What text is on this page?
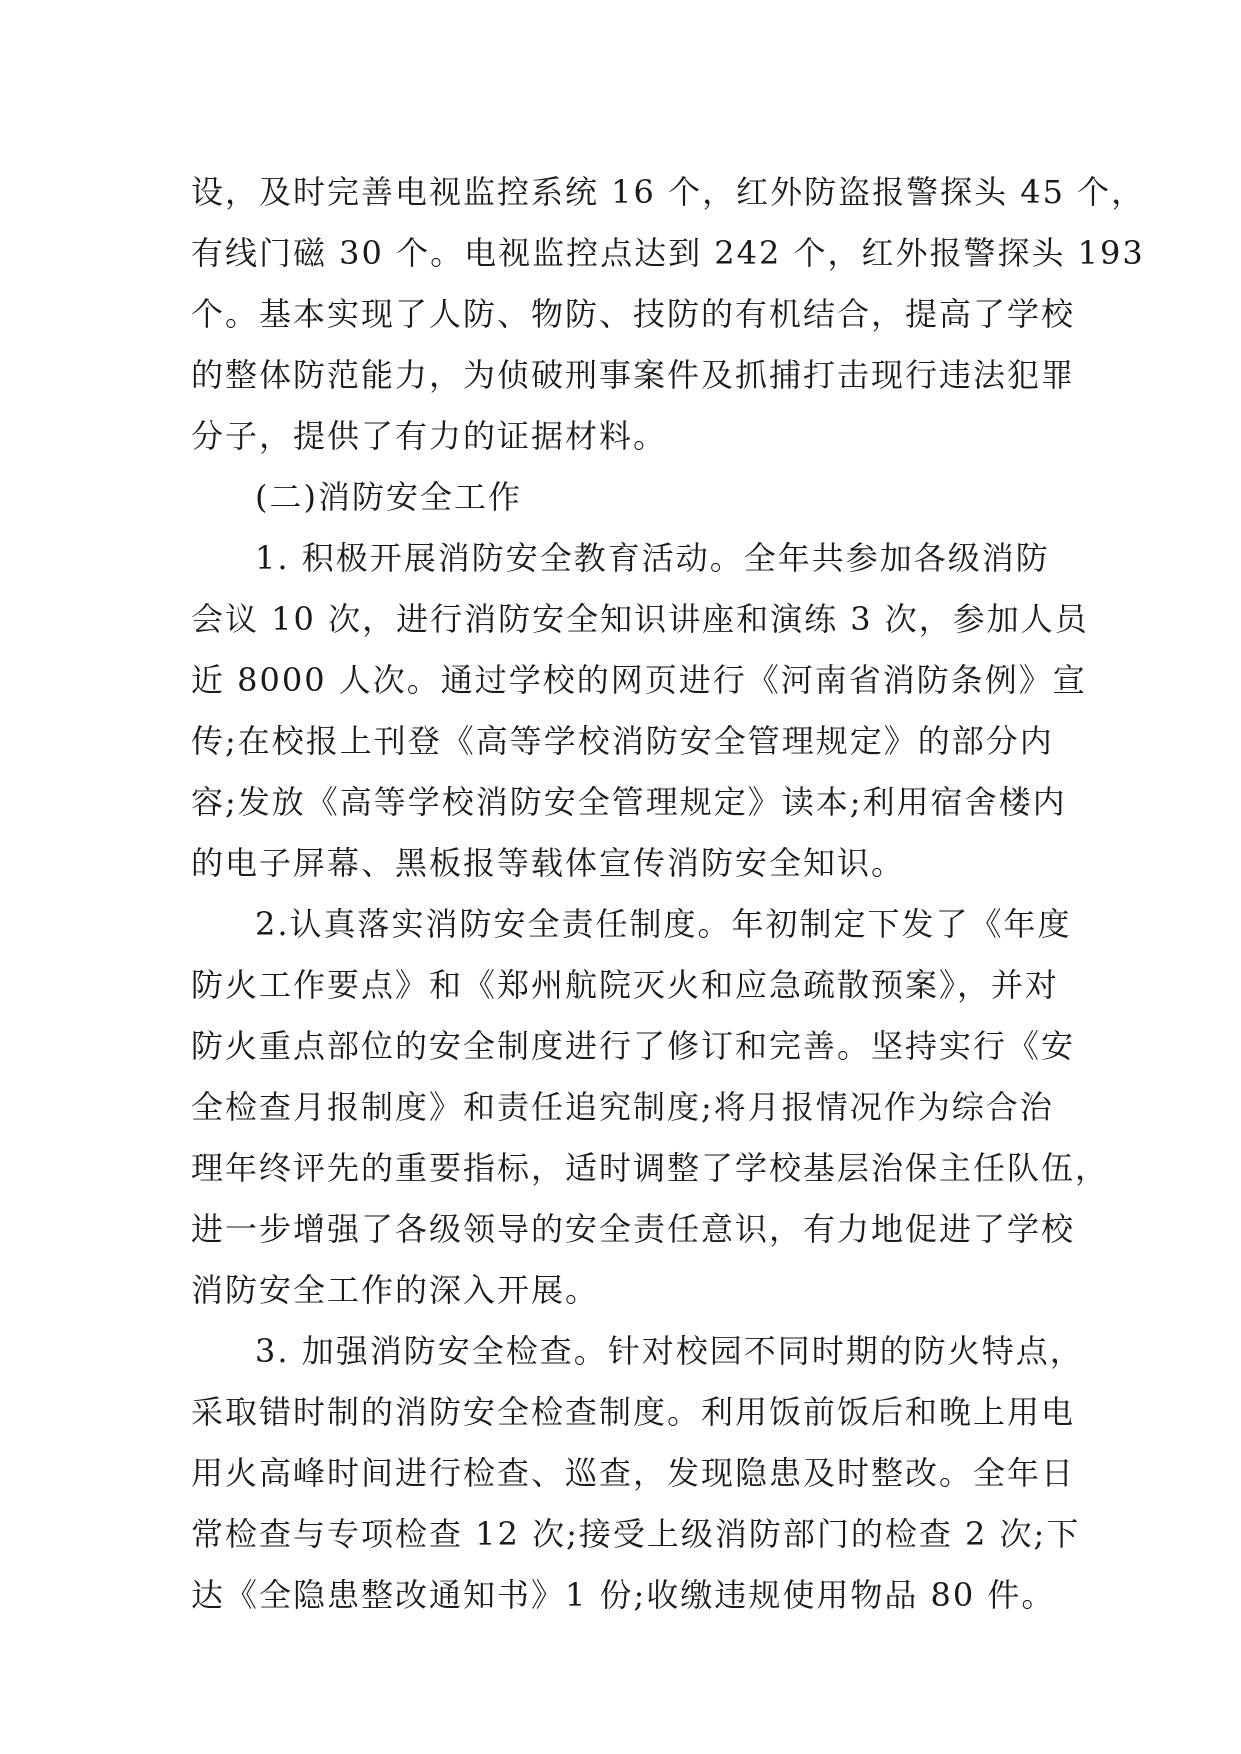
设，及时完善电视监控系统 16 个，红外防盗报警探头 45 个，
有线门磁 30 个。电视监控点达到 242 个，红外报警探头 193
个。基本实现了人防、物防、技防的有机结合，提高了学校
的整体防范能力，为侦破刑事案件及抓捕打击现行违法犯罪
分子，提供了有力的证据材料。
(二)消防安全工作
1. 积极开展消防安全教育活动。全年共参加各级消防
会议 10 次，进行消防安全知识讲座和演练 3 次，参加人员
近 8000 人次。通过学校的网页进行《河南省消防条例》宣
传;在校报上刊登《高等学校消防安全管理规定》的部分内
容;发放《高等学校消防安全管理规定》读本;利用宿舍楼内
的电子屏幕、黑板报等载体宣传消防安全知识。
2.认真落实消防安全责任制度。年初制定下发了《年度
防火工作要点》和《郑州航院灭火和应急疏散预案》，并对
防火重点部位的安全制度进行了修订和完善。坚持实行《安
全检查月报制度》和责任追究制度;将月报情况作为综合治
理年终评先的重要指标，适时调整了学校基层治保主任队伍，
进一步增强了各级领导的安全责任意识，有力地促进了学校
消防安全工作的深入开展。
3. 加强消防安全检查。针对校园不同时期的防火特点，
采取错时制的消防安全检查制度。利用饭前饭后和晚上用电
用火高峰时间进行检查、巡查，发现隐患及时整改。全年日
常检查与专项检查 12 次;接受上级消防部门的检查 2 次;下
达《全隐患整改通知书》1 份;收缴违规使用物品 80 件。
